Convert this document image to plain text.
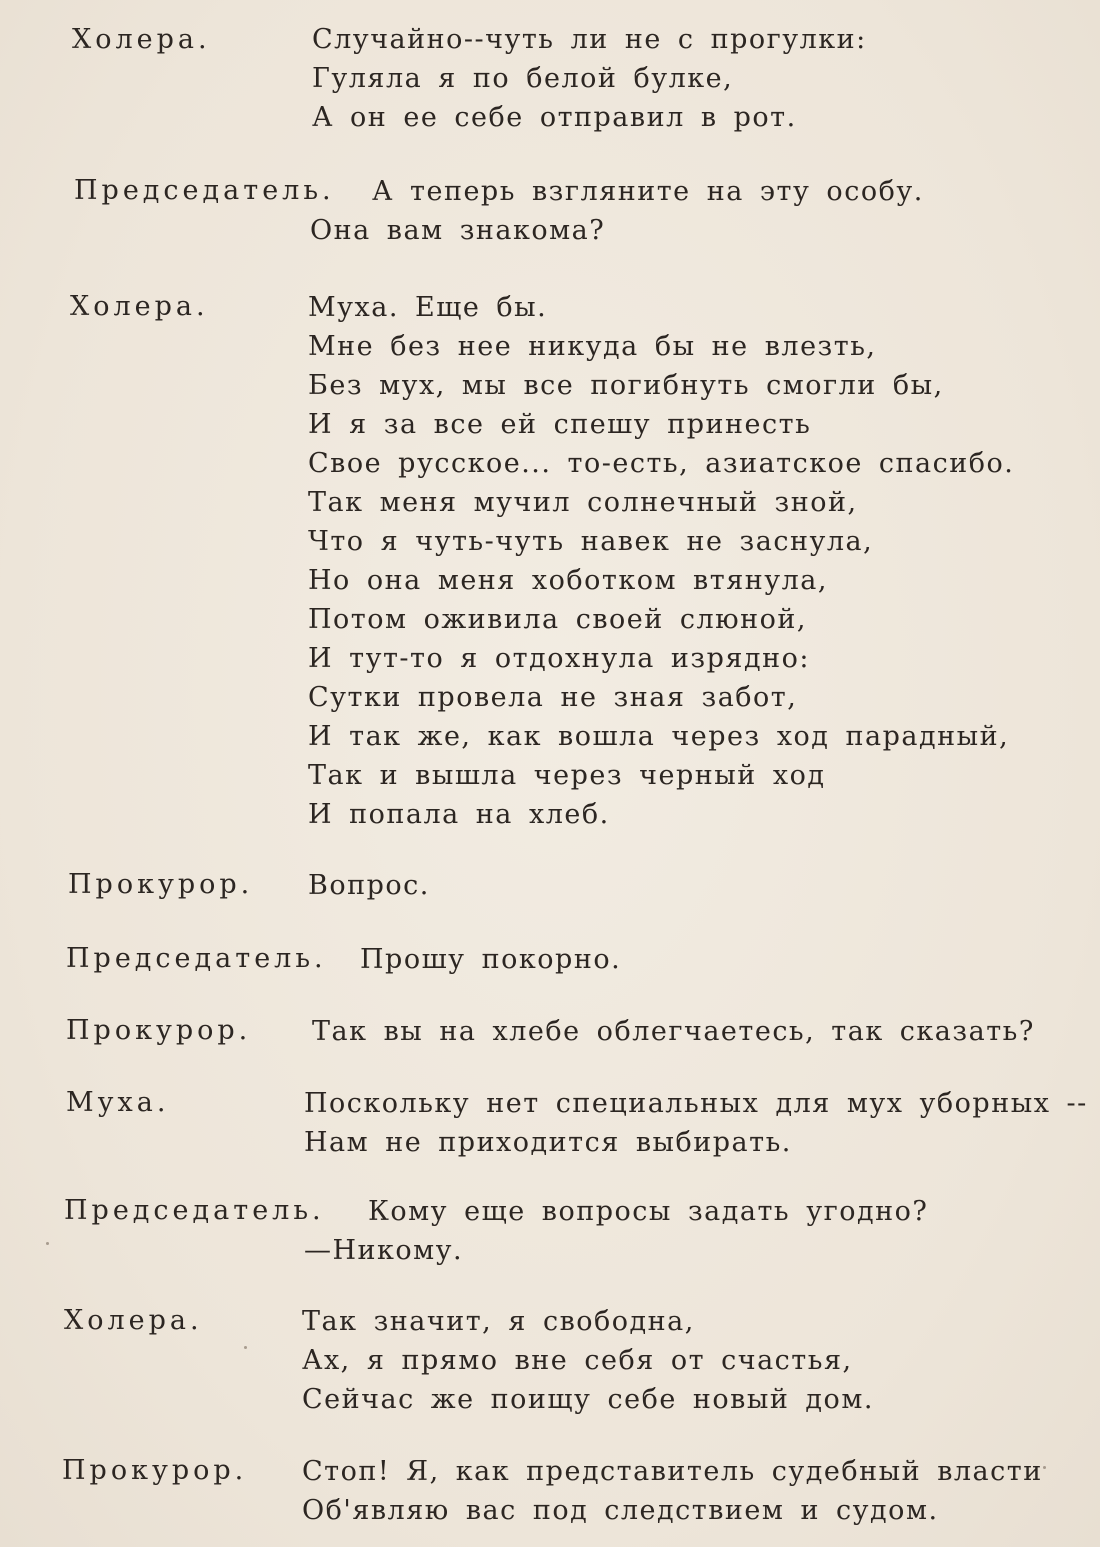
Холера.	Случайно--чуть ли не с прогулки:
Гуляла я по белой булке,
А он ее себе отправил в рот.
Председатель. А теперь взгляните на эту особу.
Она вам знакома?
Холера.	Муха. Еще бы.
Мне без нее никуда бы не влезть,
Без мух, мы все погибнуть смогли бы,
И я за все ей спешу принесть
Свое русское... то-есть, азиатское спасибо.
Так меня мучил солнечный зной,
Что я чуть-чуть навек не заснула,
Но она меня хоботком втянула,
Потом оживила своей слюной,
И тут-то я отдохнула изрядно:
Сутки провела не зная забот,
И так же, как вошла через ход парадный,
Так и вышла через черный ход
И попала на хлеб.
Прокурор. Вопрос.
Председатель. Прошу покорно.
Прокурор. Так вы на хлебе облегчаетесь, так сказать?
Муха.	Поскольку нет специальных для мух уборных --
Нам не приходится выбирать.
Председатель. Кому еще вопросы задать угодно?
—Никому.
Холера.	Так значит, я свободна,
Ах, я прямо вне себя от счастья,
Сейчас же поищу себе новый дом.
Прокурор. Стоп! Я, как представитель судебный власти
Об'являю вас под следствием и судом.
